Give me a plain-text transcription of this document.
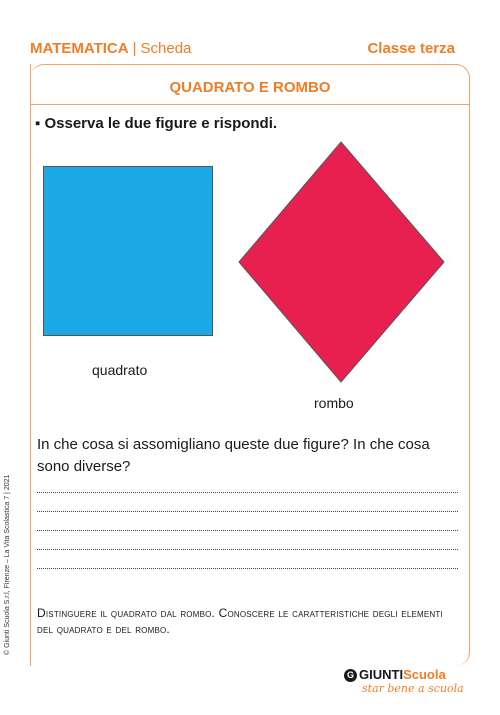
MATEMATICA | Scheda	Classe terza
QUADRATO E ROMBO
▪ Osserva le due figure e rispondi.
quadrato
rombo
In che cosa si assomigliano queste due figure? In che cosa sono diverse?
Distinguere il quadrato dal rombo. Conoscere le caratteristiche degli elementi del quadrato e del rombo.
© Giunti Scuola S.r.l, Firenze – La Vita Scolastica 7 | 2021
G GIUNTIScuola
star bene a scuola
